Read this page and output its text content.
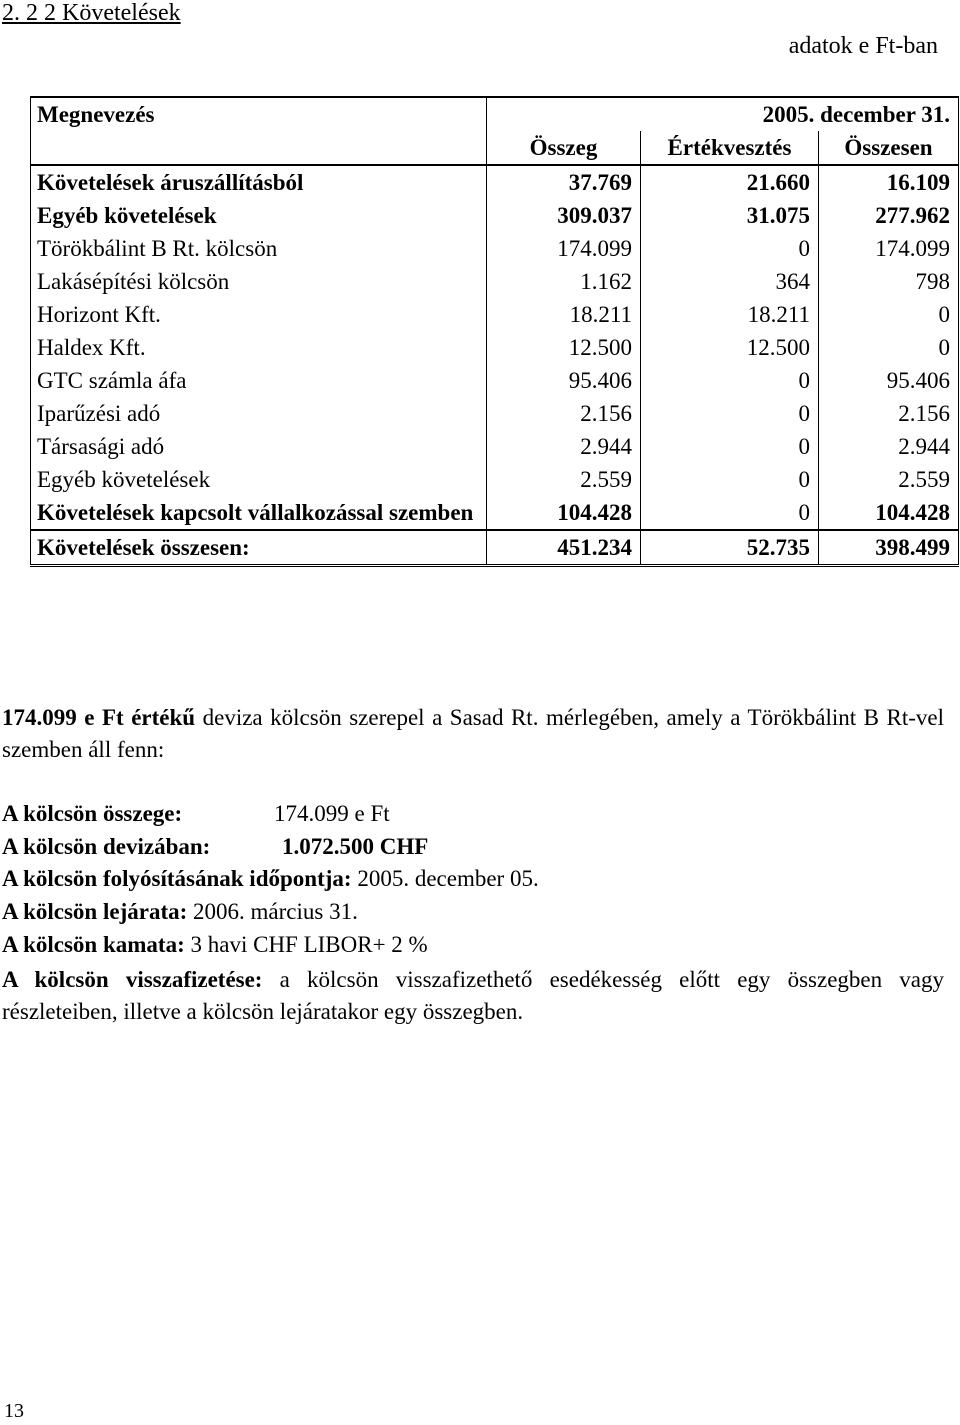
2. 2 2 Követelések
adatok e Ft-ban
Megnevezés	2005. december 31.		
	Összeg	Értékvesztés	Összesen
Követelések áruszállításból	37.769	21.660	16.109
Egyéb követelések	309.037	31.075	277.962
Törökbálint B Rt. kölcsön	174.099	0	174.099
Lakásépítési kölcsön	1.162	364	798
Horizont Kft.	18.211	18.211	0
Haldex Kft.	12.500	12.500	0
GTC számla áfa	95.406	0	95.406
Iparűzési adó	2.156	0	2.156
Társasági adó	2.944	0	2.944
Egyéb követelések	2.559	0	2.559
Követelések kapcsolt vállalkozással szemben	104.428	0	104.428
Követelések összesen:	451.234	52.735	398.499
174.099 e Ft értékű deviza kölcsön szerepel a Sasad Rt. mérlegében, amely a Törökbálint B Rt-vel szemben áll fenn:
A kölcsön összege:	174.099 e Ft
A kölcsön devizában:	1.072.500 CHF
A kölcsön folyósításának időpontja: 2005. december 05.
A kölcsön lejárata: 2006. március 31.
A kölcsön kamata: 3 havi CHF LIBOR+ 2 %
A kölcsön visszafizetése: a kölcsön visszafizethető esedékesség előtt egy összegben vagy részleteiben, illetve a kölcsön lejáratakor egy összegben.
13
